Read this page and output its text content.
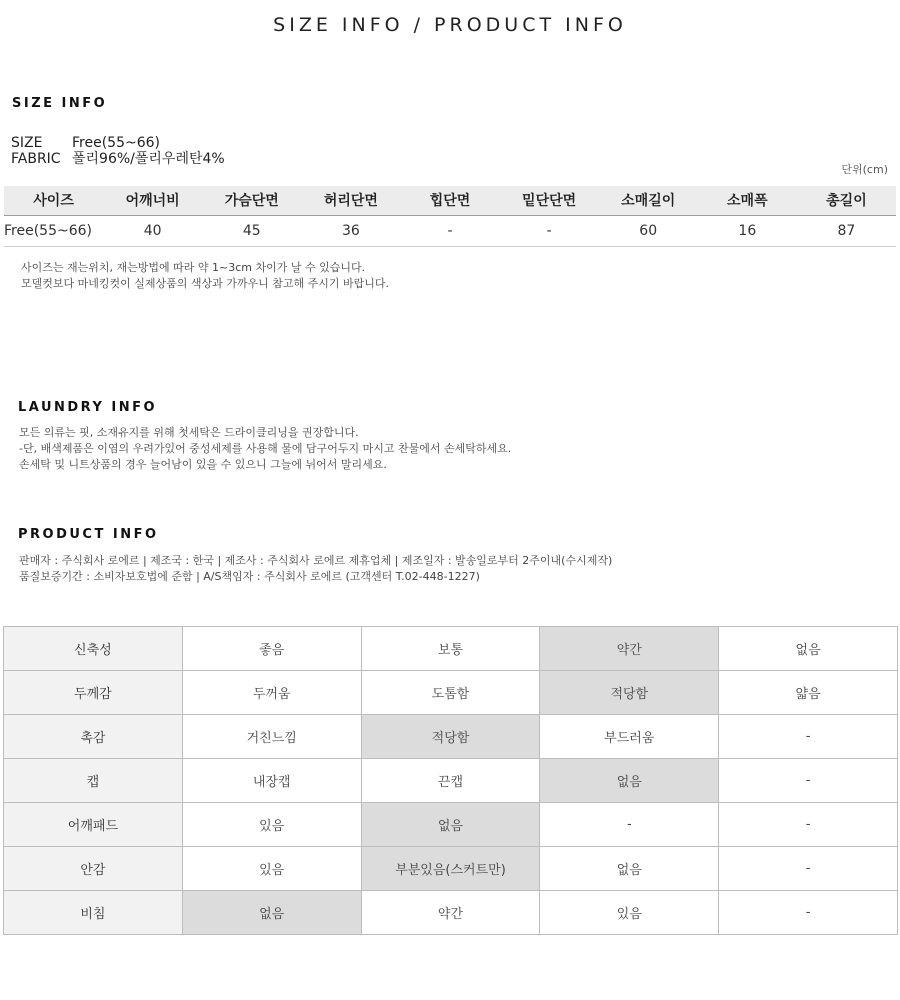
SIZE INFO / PRODUCT INFO
SIZE INFO
SIZE Free(55~66)
FABRIC 폴리96%/폴리우레탄4%
단위(cm)
사이즈	어깨너비	가슴단면	허리단면	힙단면	밑단단면	소매길이	소매폭	총길이
Free(55~66)	40	45	36	-	-	60	16	87
사이즈는 재는위치, 재는방법에 따라 약 1~3cm 차이가 날 수 있습니다.
모델컷보다 마네킹컷이 실제상품의 색상과 가까우니 참고해 주시기 바랍니다.
LAUNDRY INFO
모든 의류는 핏, 소재유지를 위해 첫세탁은 드라이클리닝을 권장합니다.
-단, 배색제품은 이염의 우려가있어 중성세제를 사용해 물에 담구어두지 마시고 찬물에서 손세탁하세요.
손세탁 및 니트상품의 경우 늘어남이 있을 수 있으니 그늘에 뉘어서 말리세요.
PRODUCT INFO
판매자 : 주식회사 로에르 | 제조국 : 한국 | 제조사 : 주식회사 로에르 제휴업체 | 제조일자 : 발송일로부터 2주이내(수시제작)
품질보증기간 : 소비자보호법에 준함 | A/S책임자 : 주식회사 로에르 (고객센터 T.02-448-1227)
신축성	좋음	보통	약간	없음
두께감	두꺼움	도톰함	적당함	얇음
촉감	거친느낌	적당함	부드러움	-
캡	내장캡	끈캡	없음	-
어깨패드	있음	없음	-	-
안감	있음	부분있음(스커트만)	없음	-
비침	없음	약간	있음	-
